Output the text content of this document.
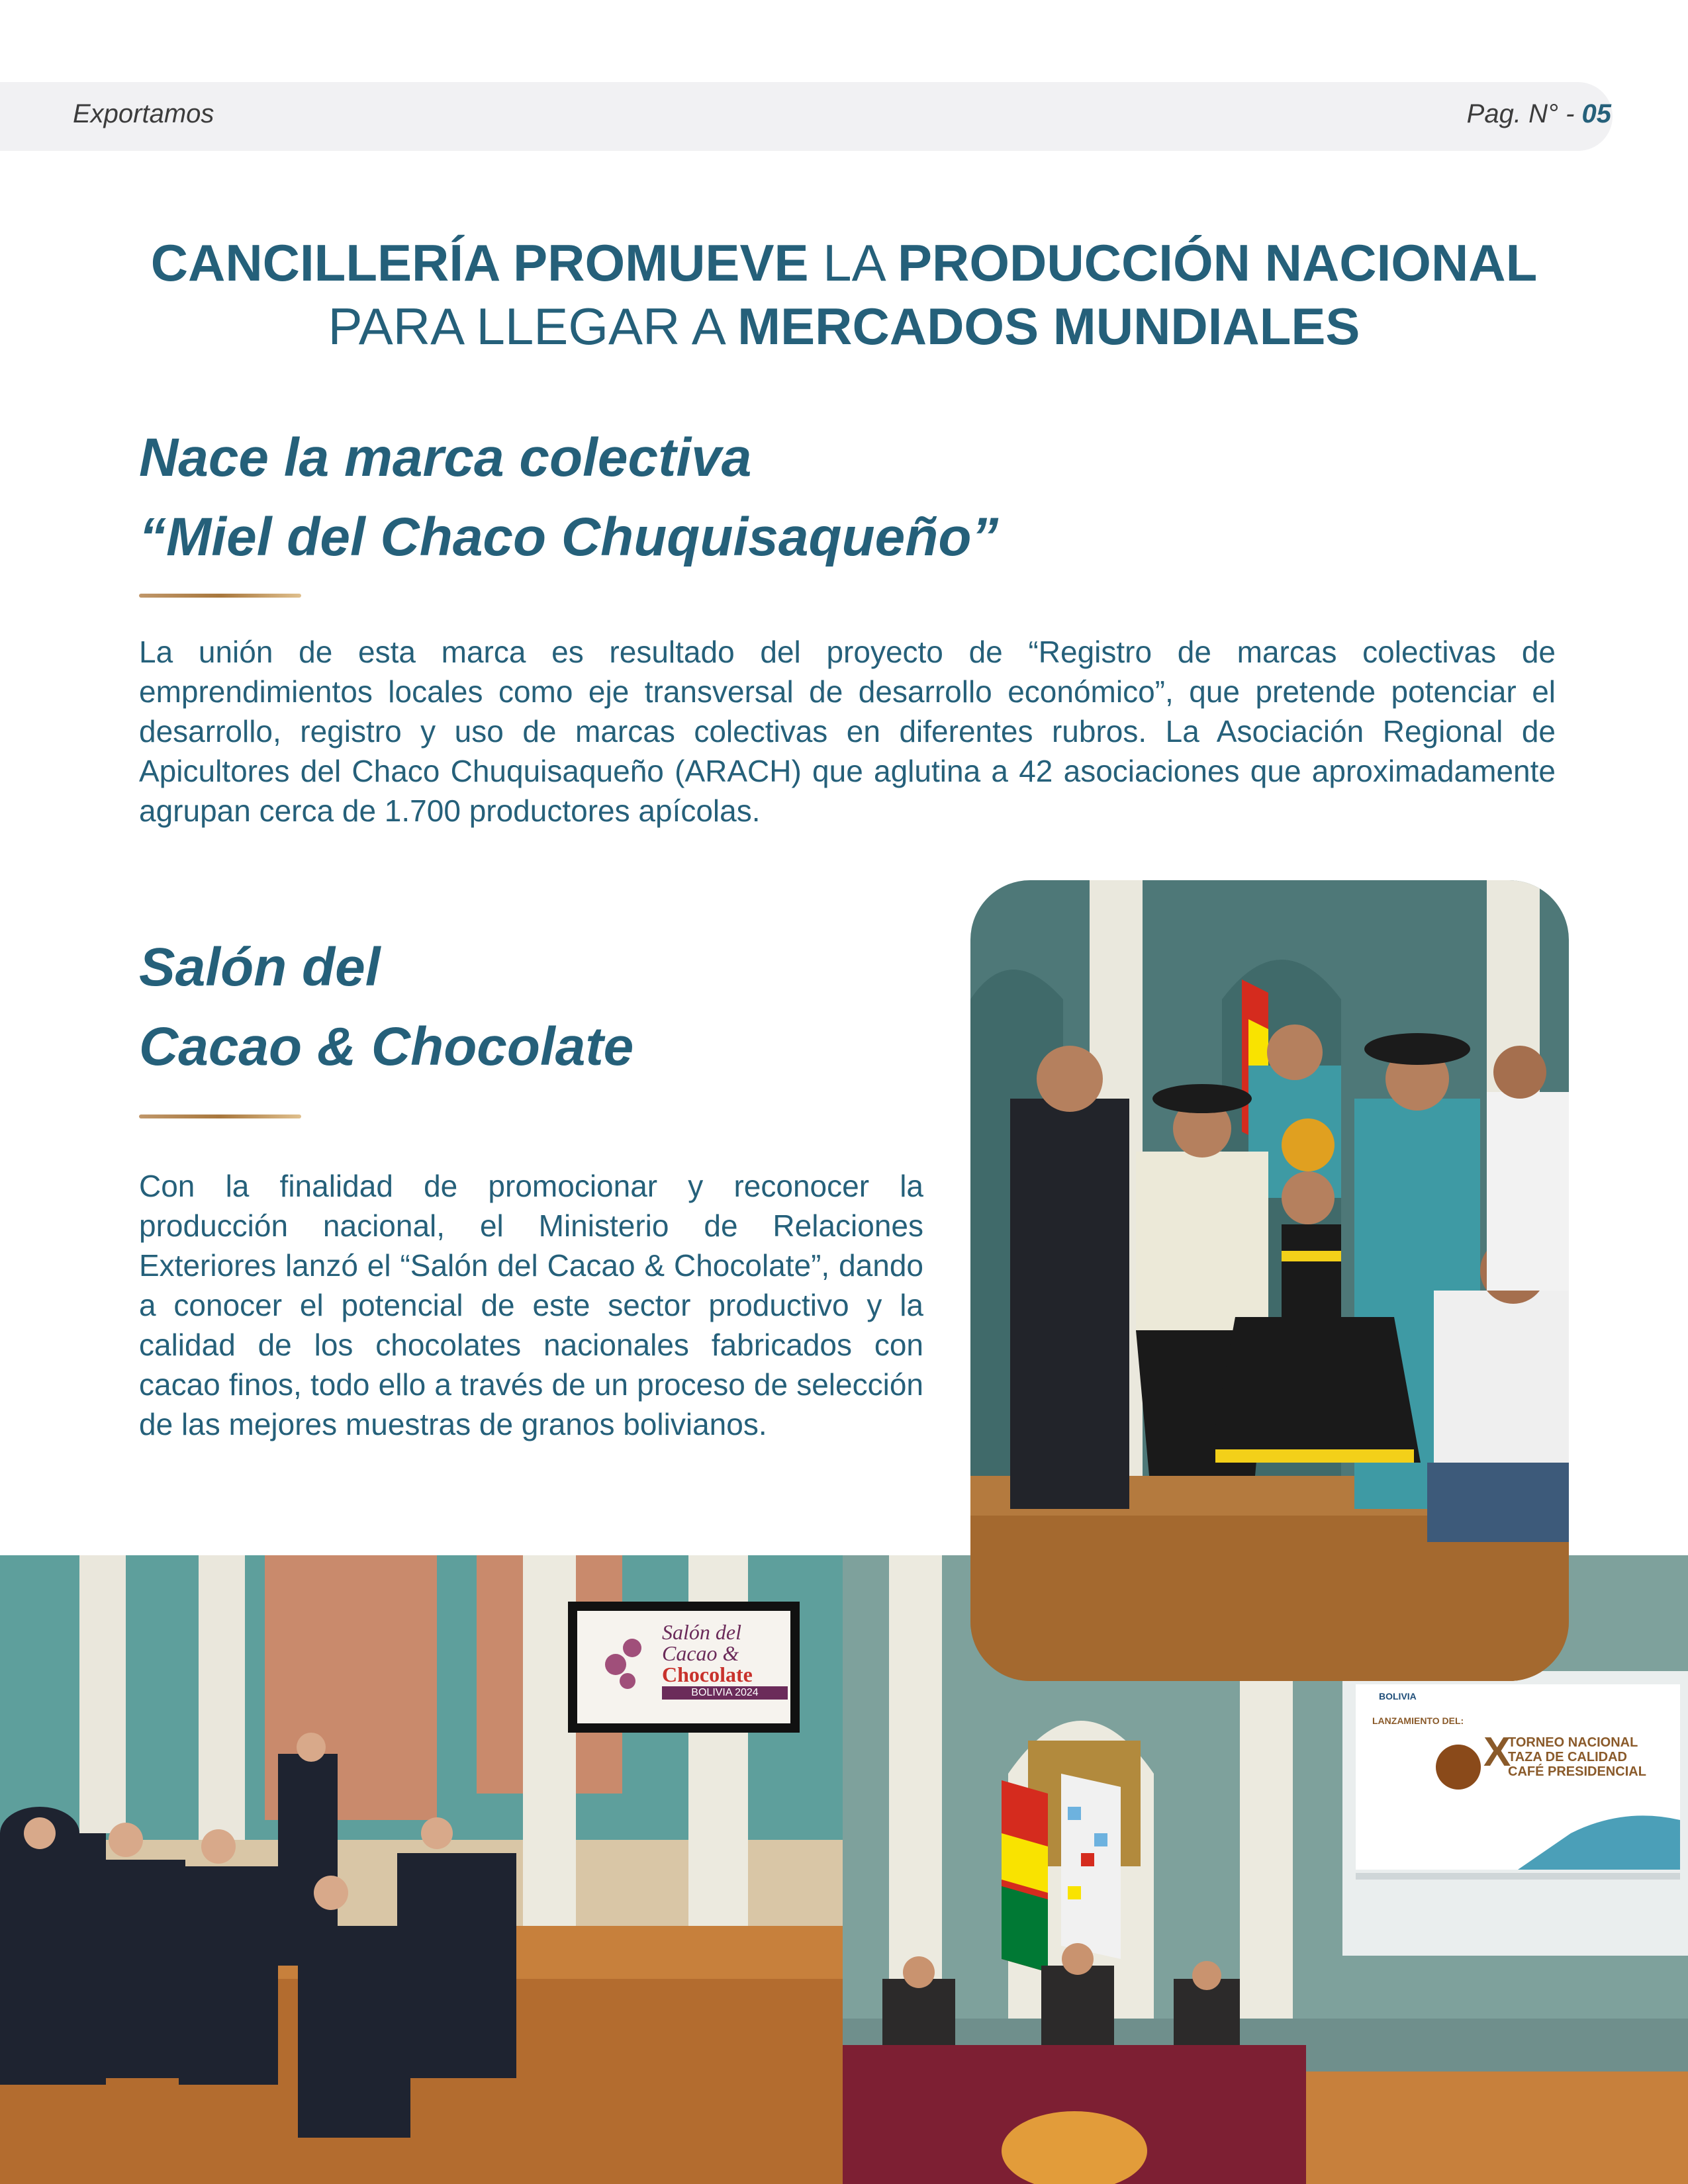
Exportamos	Pag. N° - 05
CANCILLERÍA PROMUEVE LA PRODUCCIÓN NACIONAL
PARA LLEGAR A MERCADOS MUNDIALES
Nace la marca colectiva
“Miel del Chaco Chuquisaqueño”
La unión de esta marca es resultado del proyecto de “Registro de marcas colectivas de emprendimientos locales como eje transversal de desarrollo económico”, que pretende potenciar el desarrollo, registro y uso de marcas colectivas en diferentes rubros. La Asociación Regional de Apicultores del Chaco Chuquisaqueño (ARACH) que aglutina a 42 asociaciones que aproximadamente agrupan cerca de 1.700 productores apícolas.
Salón del
Cacao & Chocolate
Con la finalidad de promocionar y reconocer la producción nacional, el Ministerio de Relaciones Exteriores lanzó el “Salón del Cacao & Chocolate”, dando a conocer el potencial de este sector productivo y la calidad de los chocolates nacionales fabricados con cacao finos, todo ello a través de un proceso de selección de las mejores muestras de granos bolivianos.
Salón del
Cacao &
Chocolate
BOLIVIA 2024	BOLIVIA
LANZAMIENTO DEL:
X
TORNEO NACIONAL
TAZA DE CALIDAD
CAFÉ PRESIDENCIAL
